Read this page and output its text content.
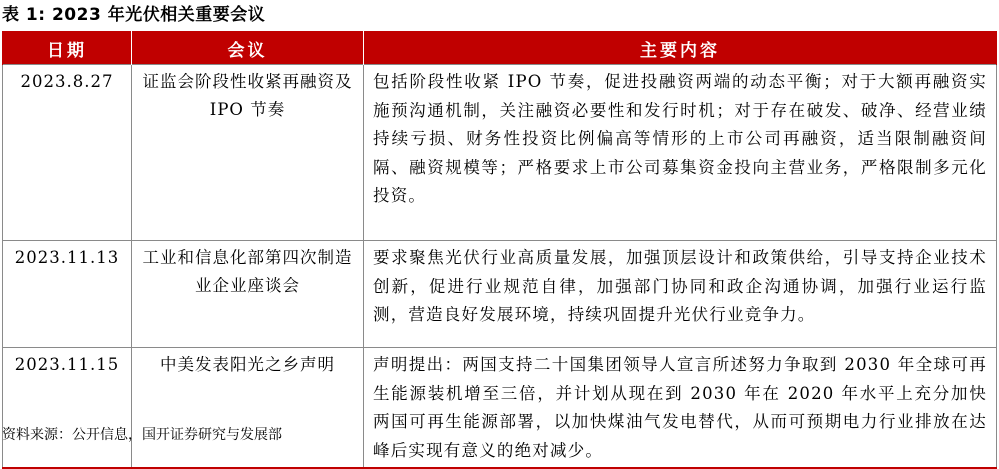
表 1: 2023 年光伏相关重要会议
日期	会议	主要内容
2023.8.27	证监会阶段性收紧再融资及 IPO 节奏	包括阶段性收紧 IPO 节奏，促进投融资两端的动态平衡；对于大额再融资实施预沟通机制，关注融资必要性和发行时机；对于存在破发、破净、经营业绩持续亏损、财务性投资比例偏高等情形的上市公司再融资，适当限制融资间隔、融资规模等；严格要求上市公司募集资金投向主营业务，严格限制多元化投资。
2023.11.13	工业和信息化部第四次制造业企业座谈会	要求聚焦光伏行业高质量发展，加强顶层设计和政策供给，引导支持企业技术创新，促进行业规范自律，加强部门协同和政企沟通协调，加强行业运行监测，营造良好发展环境，持续巩固提升光伏行业竞争力。
2023.11.15	中美发表阳光之乡声明	声明提出：两国支持二十国集团领导人宣言所述努力争取到 2030 年全球可再生能源装机增至三倍，并计划从现在到 2030 年在 2020 年水平上充分加快两国可再生能源部署，以加快煤油气发电替代，从而可预期电力行业排放在达峰后实现有意义的绝对减少。
资料来源：公开信息，国开证券研究与发展部
